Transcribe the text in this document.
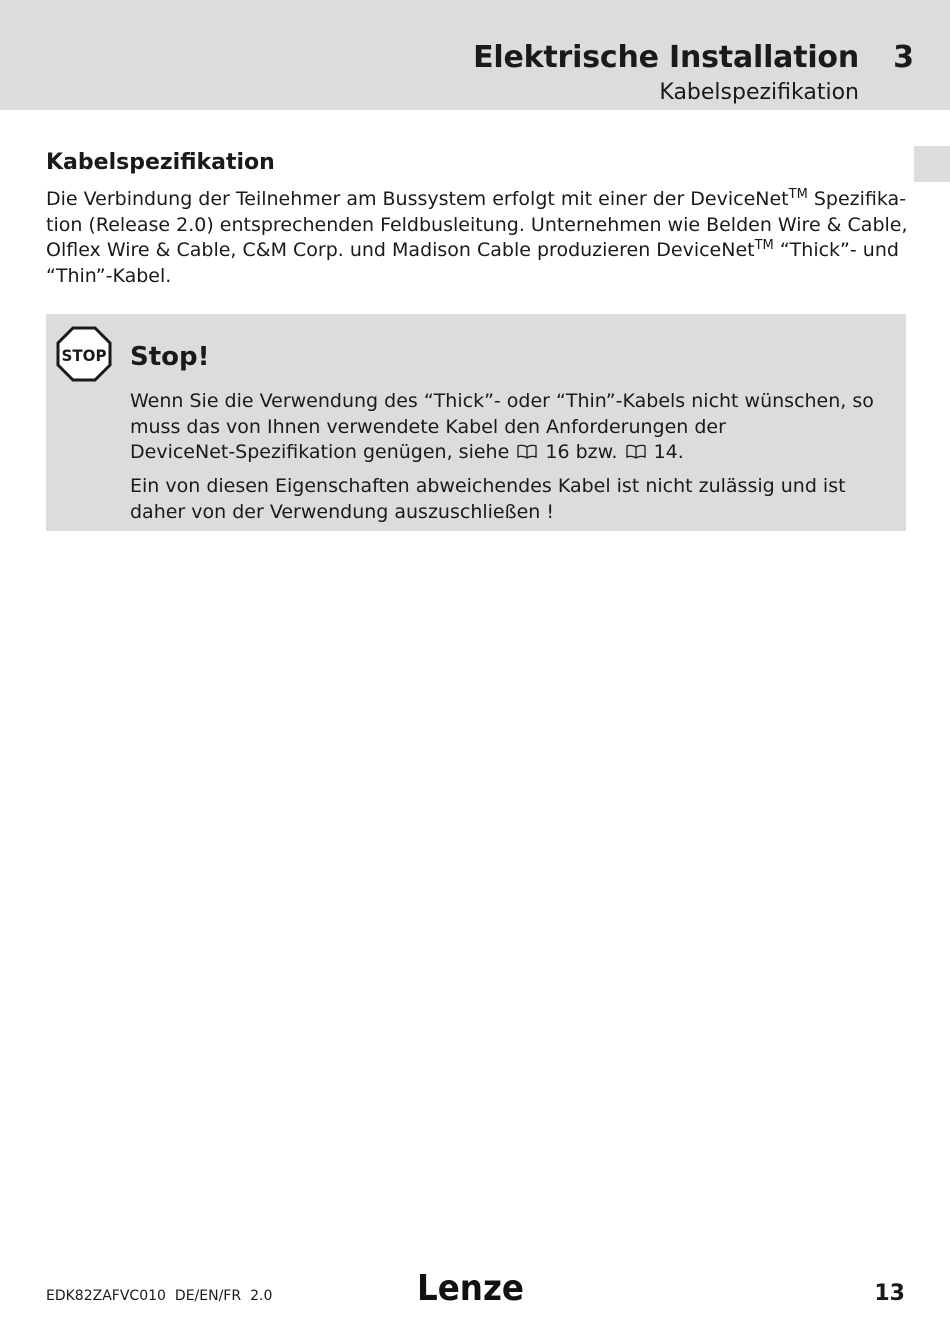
Elektrische Installation 3
Kabelspezifikation
Kabelspezifikation
Die Verbindung der Teilnehmer am Bussystem erfolgt mit einer der DeviceNet™ Spezifika-
tion (Release 2.0) entsprechenden Feldbusleitung. Unternehmen wie Belden Wire & Cable,
Olflex Wire & Cable, C&M Corp. und Madison Cable produzieren DeviceNet™ “Thick”- und
“Thin”-Kabel.
STOP Stop!
Wenn Sie die Verwendung des “Thick”- oder “Thin”-Kabels nicht wünschen, so
muss das von Ihnen verwendete Kabel den Anforderungen der
DeviceNet-Spezifikation genügen, siehe 16 bzw. 14.
Ein von diesen Eigenschaften abweichendes Kabel ist nicht zulässig und ist
daher von der Verwendung auszuschließen !
EDK82ZAFVC010 DE/EN/FR 2.0	Lenze	13
